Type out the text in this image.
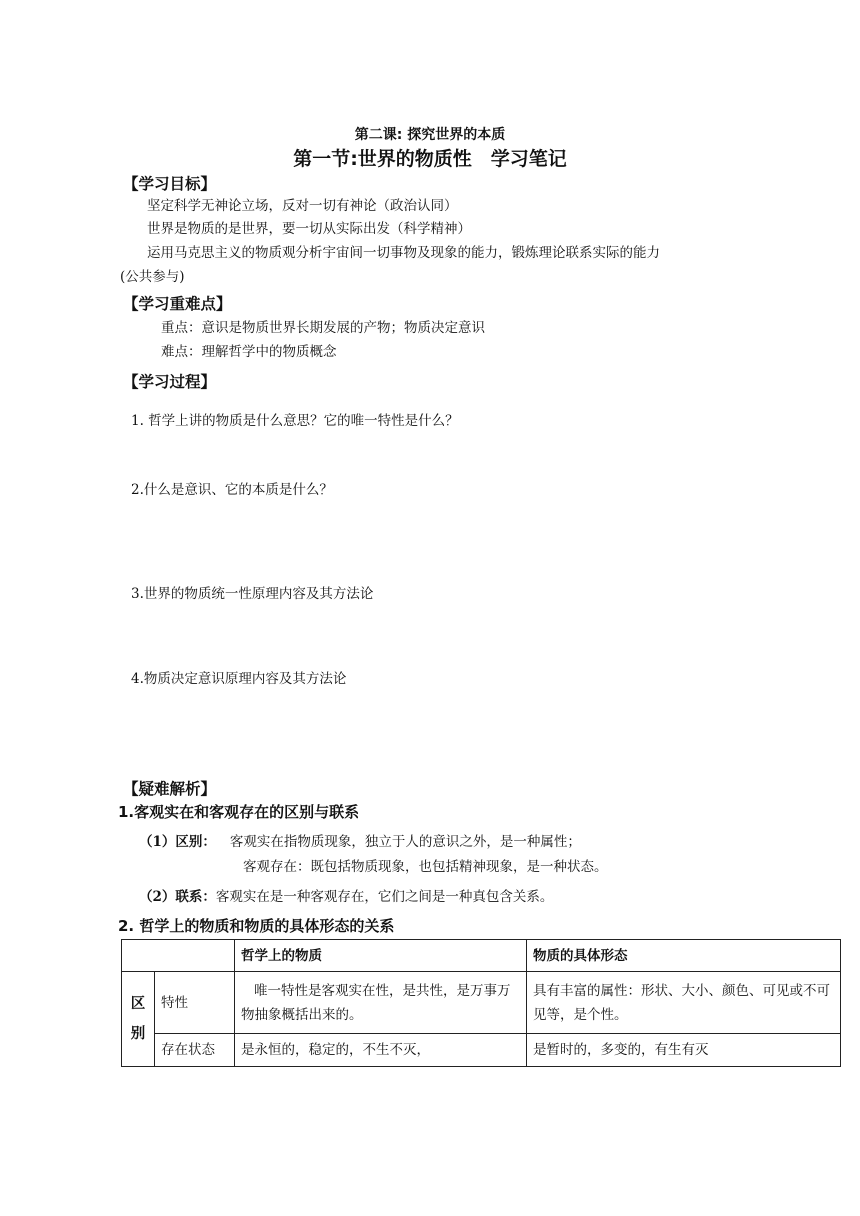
第二课: 探究世界的本质
第一节:世界的物质性　学习笔记
【学习目标】
坚定科学无神论立场，反对一切有神论（政治认同）
世界是物质的是世界，要一切从实际出发（科学精神）
运用马克思主义的物质观分析宇宙间一切事物及现象的能力，锻炼理论联系实际的能力
(公共参与)
【学习重难点】
重点：意识是物质世界长期发展的产物；物质决定意识
难点：理解哲学中的物质概念
【学习过程】
1. 哲学上讲的物质是什么意思？它的唯一特性是什么？
2.什么是意识、它的本质是什么？
3.世界的物质统一性原理内容及其方法论
4.物质决定意识原理内容及其方法论
【疑难解析】
1.客观实在和客观存在的区别与联系
（1）区别： 客观实在指物质现象，独立于人的意识之外，是一种属性；
客观存在：既包括物质现象，也包括精神现象，是一种状态。
（2）联系：客观实在是一种客观存在，它们之间是一种真包含关系。
2. 哲学上的物质和物质的具体形态的关系
		哲学上的物质	物质的具体形态
区别	特性	唯一特性是客观实在性，是共性，是万事万物抽象概括出来的。	具有丰富的属性：形状、大小、颜色、可见或不可见等，是个性。
	存在状态	是永恒的，稳定的，不生不灭，	是暂时的，多变的，有生有灭
